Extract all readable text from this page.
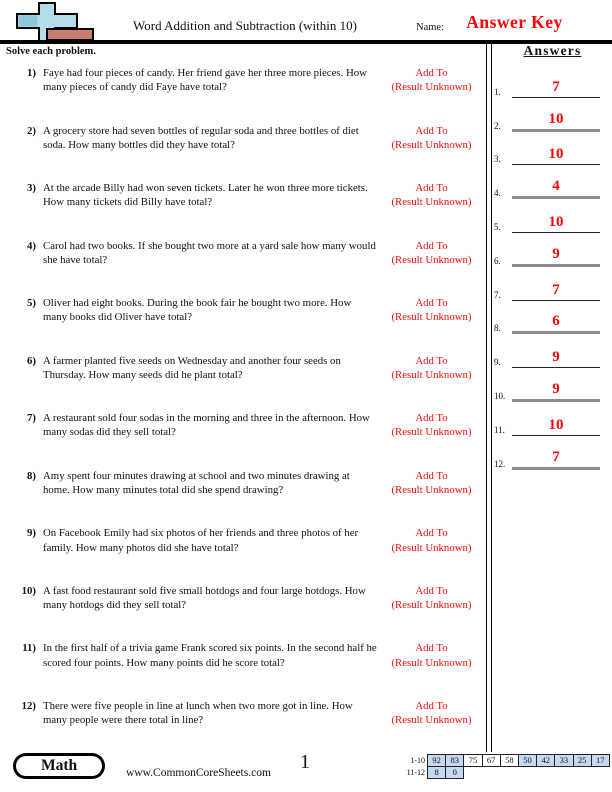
Word Addition and Subtraction (within 10)	Name:	Answer Key
Solve each problem.
1) Faye had four pieces of candy. Her friend gave her three more pieces. How many pieces of candy did Faye have total?
Add To
(Result Unknown)
2) A grocery store had seven bottles of regular soda and three bottles of diet soda. How many bottles did they have total?
Add To
(Result Unknown)
3) At the arcade Billy had won seven tickets. Later he won three more tickets. How many tickets did Billy have total?
Add To
(Result Unknown)
4) Carol had two books. If she bought two more at a yard sale how many would she have total?
Add To
(Result Unknown)
5) Oliver had eight books. During the book fair he bought two more. How many books did Oliver have total?
Add To
(Result Unknown)
6) A farmer planted five seeds on Wednesday and another four seeds on Thursday. How many seeds did he plant total?
Add To
(Result Unknown)
7) A restaurant sold four sodas in the morning and three in the afternoon. How many sodas did they sell total?
Add To
(Result Unknown)
8) Amy spent four minutes drawing at school and two minutes drawing at home. How many minutes total did she spend drawing?
Add To
(Result Unknown)
9) On Facebook Emily had six photos of her friends and three photos of her family. How many photos did she have total?
Add To
(Result Unknown)
10) A fast food restaurant sold five small hotdogs and four large hotdogs. How many hotdogs did they sell total?
Add To
(Result Unknown)
11) In the first half of a trivia game Frank scored six points. In the second half he scored four points. How many points did he score total?
Add To
(Result Unknown)
12) There were five people in line at lunch when two more got in line. How many people were there total in line?
Add To
(Result Unknown)
Answers
1.	7
2.	10
3.	10
4.	4
5.	10
6.	9
7.	7
8.	6
9.	9
10.	9
11.	10
12.	7
Math	www.CommonCoreSheets.com	1	1-10 92	83	75	67	58	50	42	33	25	17
11-12	8	0
